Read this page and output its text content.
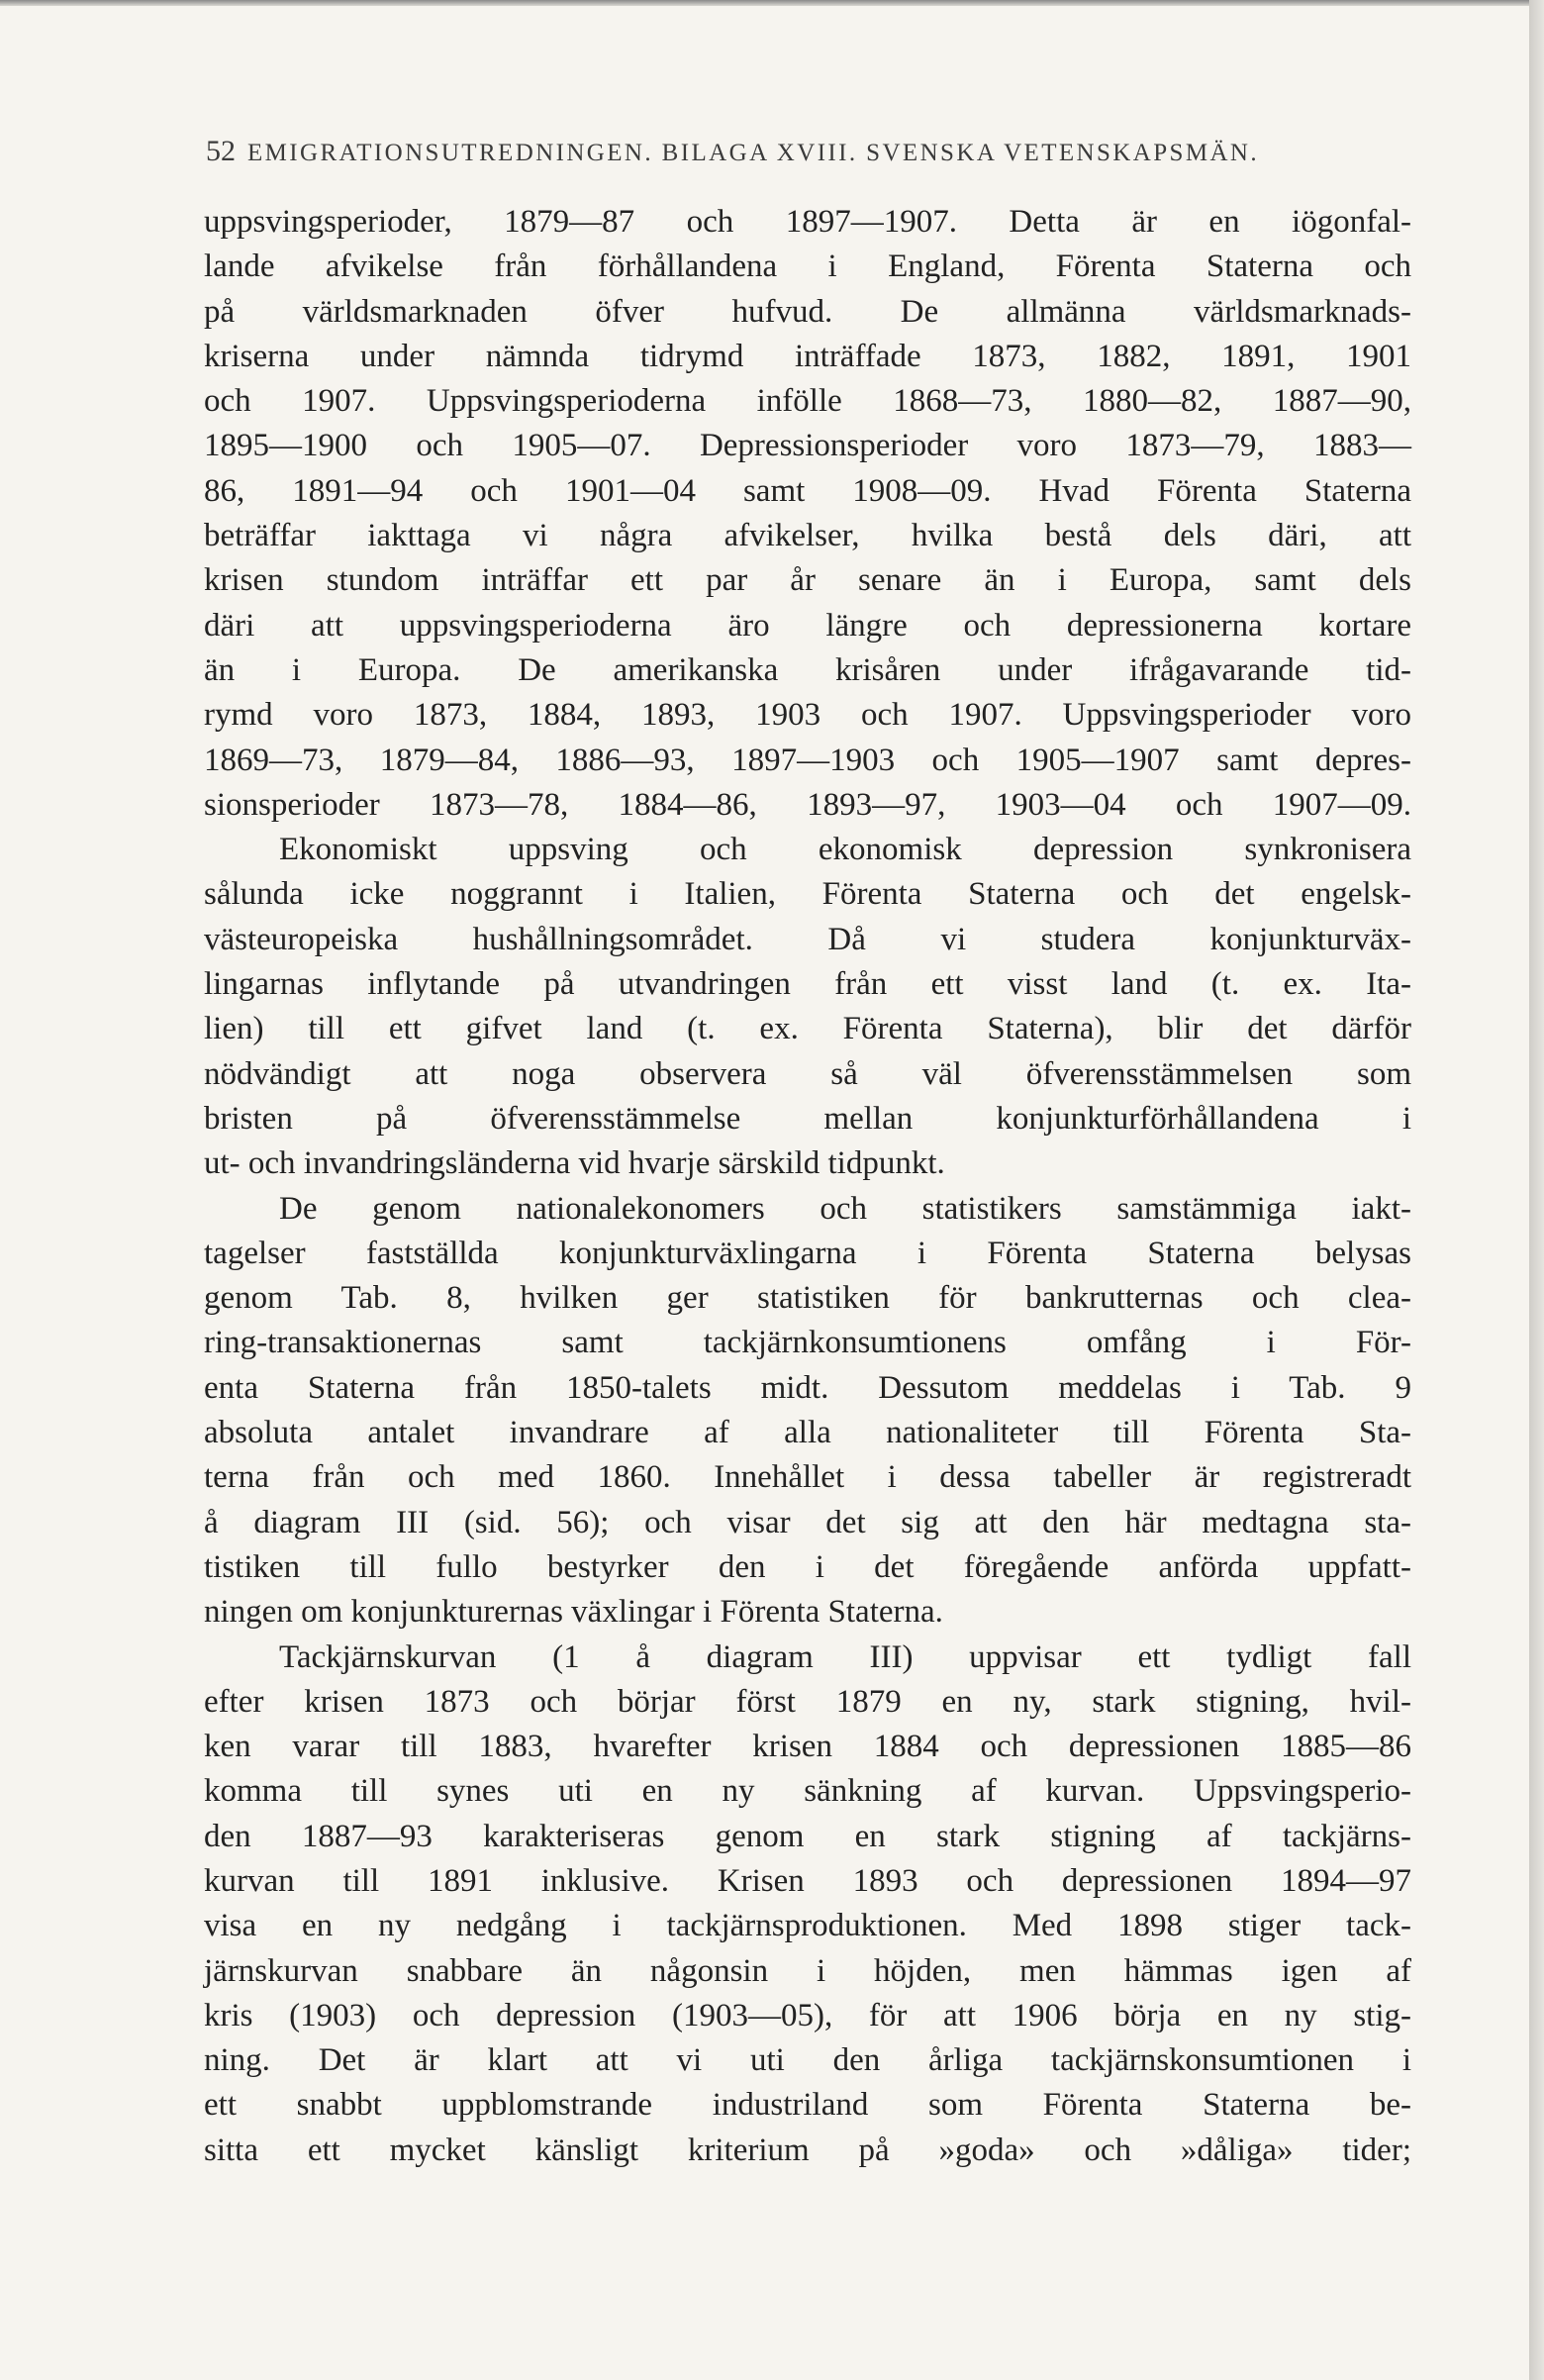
52 EMIGRATIONSUTREDNINGEN. BILAGA XVIII. SVENSKA VETENSKAPSMÄN.
uppsvingsperioder, 1879—87 och 1897—1907. Detta är en iögonfal-
lande afvikelse från förhållandena i England, Förenta Staterna och
på världsmarknaden öfver hufvud. De allmänna världsmarknads-
kriserna under nämnda tidrymd inträffade 1873, 1882, 1891, 1901
och 1907. Uppsvingsperioderna infölle 1868—73, 1880—82, 1887—90,
1895—1900 och 1905—07. Depressionsperioder voro 1873—79, 1883—
86, 1891—94 och 1901—04 samt 1908—09. Hvad Förenta Staterna
beträffar iakttaga vi några afvikelser, hvilka bestå dels däri, att
krisen stundom inträffar ett par år senare än i Europa, samt dels
däri att uppsvingsperioderna äro längre och depressionerna kortare
än i Europa. De amerikanska krisåren under ifrågavarande tid-
rymd voro 1873, 1884, 1893, 1903 och 1907. Uppsvingsperioder voro
1869—73, 1879—84, 1886—93, 1897—1903 och 1905—1907 samt depres-
sionsperioder 1873—78, 1884—86, 1893—97, 1903—04 och 1907—09.
Ekonomiskt uppsving och ekonomisk depression synkronisera
sålunda icke noggrannt i Italien, Förenta Staterna och det engelsk-
västeuropeiska hushållningsområdet. Då vi studera konjunkturväx-
lingarnas inflytande på utvandringen från ett visst land (t. ex. Ita-
lien) till ett gifvet land (t. ex. Förenta Staterna), blir det därför
nödvändigt att noga observera så väl öfverensstämmelsen som
bristen på öfverensstämmelse mellan konjunkturförhållandena i
ut- och invandringsländerna vid hvarje särskild tidpunkt.
De genom nationalekonomers och statistikers samstämmiga iakt-
tagelser fastställda konjunkturväxlingarna i Förenta Staterna belysas
genom Tab. 8, hvilken ger statistiken för bankrutternas och clea-
ring-transaktionernas samt tackjärnkonsumtionens omfång i För-
enta Staterna från 1850-talets midt. Dessutom meddelas i Tab. 9
absoluta antalet invandrare af alla nationaliteter till Förenta Sta-
terna från och med 1860. Innehållet i dessa tabeller är registreradt
å diagram III (sid. 56); och visar det sig att den här medtagna sta-
tistiken till fullo bestyrker den i det föregående anförda uppfatt-
ningen om konjunkturernas växlingar i Förenta Staterna.
Tackjärnskurvan (1 å diagram III) uppvisar ett tydligt fall
efter krisen 1873 och börjar först 1879 en ny, stark stigning, hvil-
ken varar till 1883, hvarefter krisen 1884 och depressionen 1885—86
komma till synes uti en ny sänkning af kurvan. Uppsvingsperio-
den 1887—93 karakteriseras genom en stark stigning af tackjärns-
kurvan till 1891 inklusive. Krisen 1893 och depressionen 1894—97
visa en ny nedgång i tackjärnsproduktionen. Med 1898 stiger tack-
järnskurvan snabbare än någonsin i höjden, men hämmas igen af
kris (1903) och depression (1903—05), för att 1906 börja en ny stig-
ning. Det är klart att vi uti den årliga tackjärnskonsumtionen i
ett snabbt uppblomstrande industriland som Förenta Staterna be-
sitta ett mycket känsligt kriterium på »goda» och »dåliga» tider;
